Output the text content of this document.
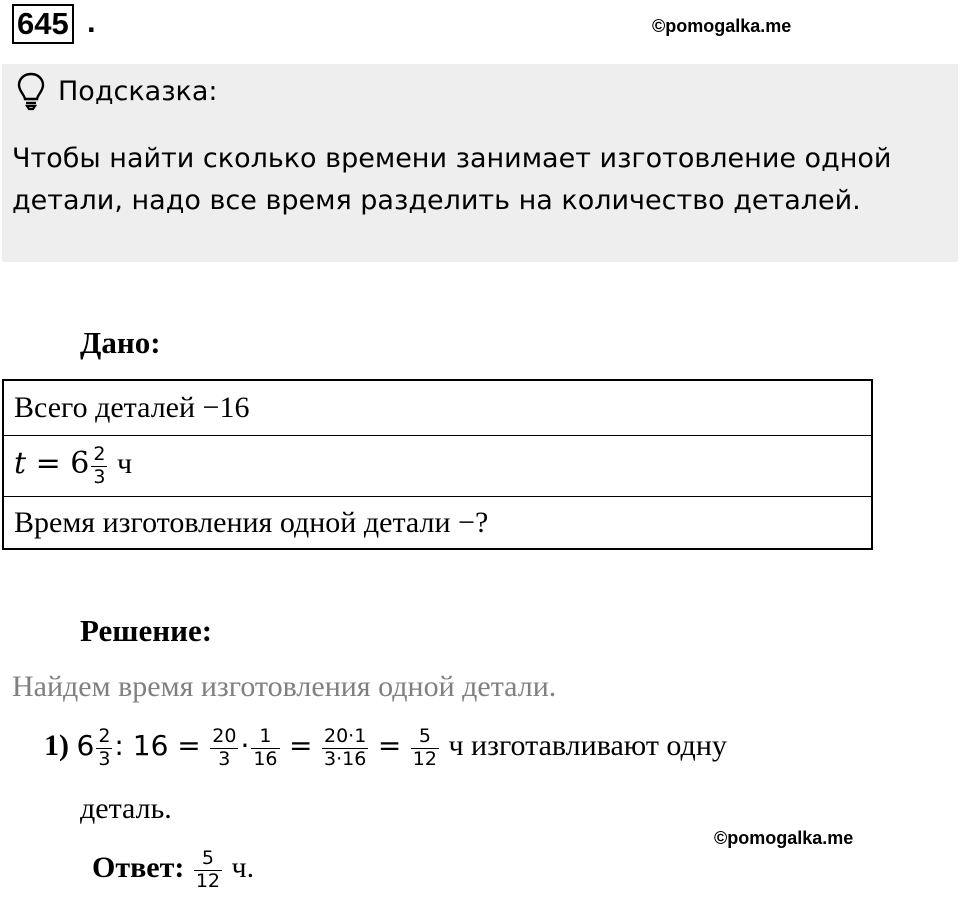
645 .	©pomogalka.me
Подсказка:
Чтобы найти сколько времени занимает изготовление одной детали, надо все время разделить на количество деталей.
Дано:
Всего деталей −16
$t = 6 \frac{2}{3}$ ч
Время изготовления одной детали −?
Решение:
Найдем время изготовления одной детали.
1) $6 \frac{2}{3}$ : $16 = \frac{20}{3} \cdot \frac{1}{16} = \frac{20\cdot 1}{3\cdot 16} = \frac{5}{12}$ ч изготавливают одну
деталь.
©pomogalka.me
Ответ: $\frac{5}{12} ч$.
